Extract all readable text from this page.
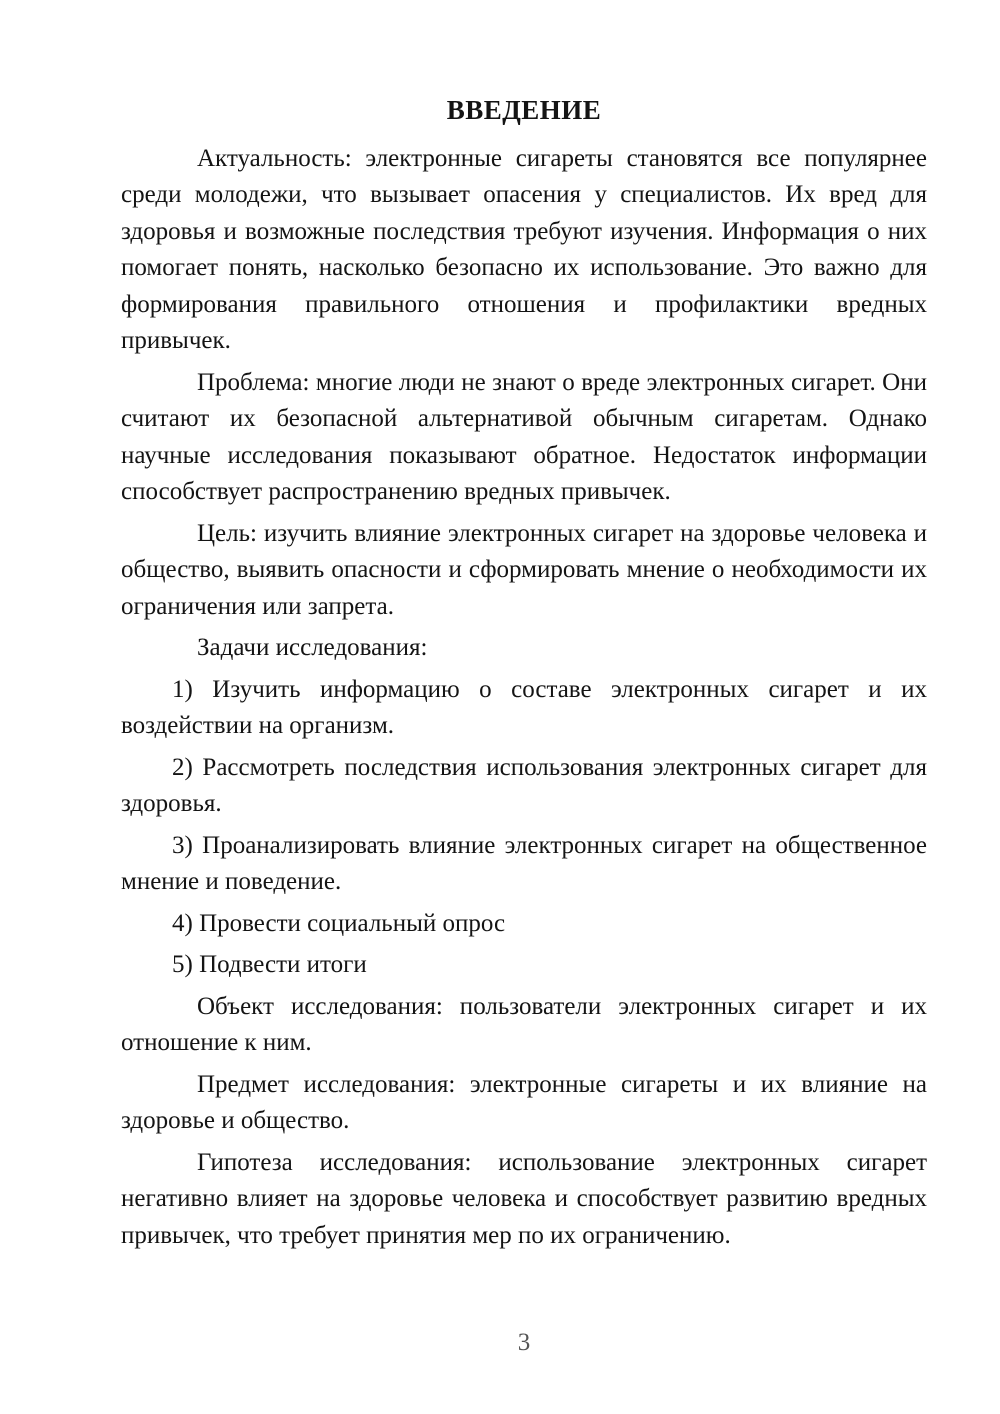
ВВЕДЕНИЕ

Актуальность: электронные сигареты становятся все популярнее среди молодежи, что вызывает опасения у специалистов. Их вред для здоровья и возможные последствия требуют изучения. Информация о них помогает понять, насколько безопасно их использование. Это важно для формирования правильного отношения и профилактики вредных привычек.

Проблема: многие люди не знают о вреде электронных сигарет. Они считают их безопасной альтернативой обычным сигаретам. Однако научные исследования показывают обратное. Недостаток информации способствует распространению вредных привычек.

Цель: изучить влияние электронных сигарет на здоровье человека и общество, выявить опасности и сформировать мнение о необходимости их ограничения или запрета.

Задачи исследования:

1) Изучить информацию о составе электронных сигарет и их воздействии на организм.

2) Рассмотреть последствия использования электронных сигарет для здоровья.

3) Проанализировать влияние электронных сигарет на общественное мнение и поведение.

4) Провести социальный опрос

5) Подвести итоги

Объект исследования: пользователи электронных сигарет и их отношение к ним.

Предмет исследования: электронные сигареты и их влияние на здоровье и общество.

Гипотеза исследования: использование электронных сигарет негативно влияет на здоровье человека и способствует развитию вредных привычек, что требует принятия мер по их ограничению.

3
